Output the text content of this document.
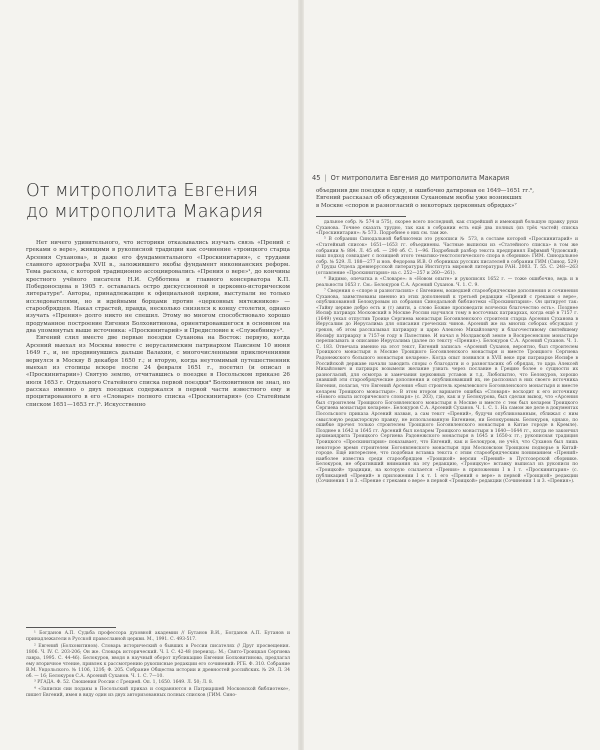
От митрополита Евгения
до митрополита Макария

Нет ничего удивительного, что историки отказывались изучать связь «Прений с греками о вере», живщими в рукописной традиции как сочинение «троицкого старца Арсения Суханова», и даже его фундаментального «Проскинитария», с трудами славного археографа XVII в., заложившего якобы фундамент никонианских реформ. Тема раскола, с которой традиционно ассоциировались «Прения о вере»¹, до кончины крестного учёного писателя Н.И. Субботина и главного консерватора К.П. Победоносцева в 1905 г. оставалась остро дискуссионной в церковно-историческом литературе². Авторы, принадлежащие к официальной церкви, выступали не только исследователями, но и идейными борцами против «церковных мятежников» — старообрядцев. Накал страстей, правда, несколько снизился к концу столетия, однако изучать «Прения» долго никто не спешил. Этому во многом способствовало хорошо продуманное построение Евгения Болховитинова, ориентировавшегося в основном на два упомянутых выше источника: «Проскинитарий» и Предисловие к «Служебнику»³.

Евгений слил вместе две первые поездки Суханова на Восток: первую, когда Арсений выехал из Москвы вместе с иерусалимским патриархом Паисием 10 июня 1649 г., и, не продвинувшись дальше Валахии, с многочисленными приключениями вернулся в Москву 8 декабря 1650 г.; и вторую, когда неутомимый путешественник выехал из столицы вскоре после 24 февраля 1651 г., посетил (и описал в «Проскинитарии») Святую землю, отчитавшись о поездке в Посольском приказе 26 июля 1653 г. Отдельного Статейного списка первой поездки⁴ Болховитинов не знал, но рассказ именно о двух поездках содержался в первой части известного ему и процитированного в его «Словаре» полного списка «Проскинитария» (со Статейным списком 1651—1653 гг.)⁵. Искусственно

¹ Богданов А.П. Судьба профессора духовной академии // Бутанов В.И., Богданов А.П. Бутанов и принадлежатели в Русской православной церкви. М., 1991. С. 493-517.

² Евгений (Болховитинов). Словарь исторический о бывших в России писателях // Друг просвещения. 1806. Ч. IV. С. 203-206; Он же. Словарь исторический. Ч. I. С. 42-48 (переизд.: М.; Свято-Троицкая Сергиева лавра, 1995. С. 44-46). Белокуров, вводя в научный оборот публикацию Евгения Болховитинова, предлагал ему вторичное чтение, привлек к рассмотрению рукописные редакции его сочинений: РГБ. Ф. 310. Собрание В.М. Ундольского. № 1106, 121б; Ф. 205. Собрание Общества истории и древностей российских. № 29. Л. 34 об. — 16; Белокуров С.А. Арсений Суханов. Ч. 1. С. 7—10.

³ РГАДА. Ф. 52. Сношения России с Грецией. Оп. 1, 1650. 1649. Л. 50; Л. 8.

⁴ «Записки сии поданы в Посольский приказ и сохраняются в Патриаршей Московской библиотеке», пишет Евгений, имея в виду один из двух авторизованных полных списков (ГИМ. Сино-

45 | От митрополита Евгения до митрополита Макария

объединив две поездки в одну, и ошибочно датировав ее 1649—1651 гг.⁶,

Евгений рассказал об обсуждении Сухановым якобы уже возникших

в Москве «споров и разногласий о некоторых церковных обрядах»⁷

дальное собр. № 574 и 575), скорее всего последний, как старейший и имеющий большую правку руки Суханова. Точнее сказать трудно, так как в собрании есть ещё два полных (из трёх частей) списка «Проскинитария»: № 573. Подробнее о них см. там же.

⁵ В собрании Синодальной библиотеки это рукописи № 573, в составе которой «Проскинитарий» и «Статейный список» 1651—1653 гг. объединены. Частные выписки из «Статейного списка» в том же собрании № 884. Л. 45 об. — 290 об. С. 1—96. Подробный разбор текста предпринял Евфимий Чудовский; наш подход совпадает с позицией этого тематико-текстологического спора в сборнике: ГИМ. Синодальное собр. № 529. Л. 188—277 и нов. Федорова И.В. О сборниках русских писателей в собрании ГИМ (Синод. 529) // Труды Отдела древнерусской литературы Института мировой литературы РАН. 2003. Т. 55. С. 248—263 (оглавление «Проскинитария» на с. 252—257 и 260—261).

⁶ Видимо, опечатка в «Словаре»: в «Новом опыте» и рукописях 1652 г. — тоже ошибочно, ведь и в реальности 1653 г. См.: Белокуров С.А. Арсений Суханов. Ч. 1. С. 9.

⁷ Сведения о «споре и разногласиях» с Евгением, вошедшей старообрядческие дополнения и сочинения Суханова, заимствованы именно из этих дополнений к третьей редакции «Прений с греками о вере», опубликованной Белокуровым из собрания Синодальной библиотеки «Проскинитария». Он цитирует так: «Тайну церкве добро есть и (т) авити, а слово Божие проповедати всячески благочестно есть». Позднее Иосиф патриарх Московский в Москве России научился тому в восточных патриархах, когда ещё в 7157 г. (1649) уехал отпустив Троице Сергиева монастыря Богоявленского строителя старца Арсения Суханова в Иерусалим до Иерусалима для описания греческих чинов. Арсений же на многих соборах обсуждал у греков, об этом рассказывал патриарху и царю Алексею Михайловичу и благочестивому святейшему Иосифу патриарху в 7157-м году в Палестине. И начал в Молдавской земле в Воскресенском монастыре переписывать и описание Иерусалима (далее по тексту «Прения»). Белокуров С.А. Арсений Суханов. Ч. 1. С. 183. Отвечала именно на этот текст, Евгений записал: «Арсений Суханов, вероятно, был строителем Троицкого монастыря в Москве Троицкого Богоявленского монастыря и вместе Троицкого Сергиева Радонежского большого монастыря келарем». Когда опыт появился в XVII веке при патриархе Иосифе в Российской державе начали заводить споры о благодати и о разногласиях об обрядах, то царь Алексей Михайлович и патриарх возымели желание узнать через послание в Грецию более о сущности их разногласий, для осмотра и замечания церковных уставов и т.д. Любопытно, что Белокуров, хорошо знавший эти старообрядческие дополнения и опубликовавший их, не распознал в них своего источника Евгения, полагая, что Евгений Арсения «был строитель кремлевского Богоявленского монастыря и вместе келарем Троицкого монастыря». В этом втором варианте ошибка «Словаря» восходит к его источнику «Нового опыта исторического словаря» (с. 203), где, как и у Белокурова, был сделан вывод, что «Арсения был строителем Троицкого Богоявленского монастыря в Москве и вместе с тем был келарем Троицкого Сергиева монастыря келарем». Белокуров С.А. Арсений Суханов. Ч. 1. С. 1. На самом же деле в документах Посольского приказа Арсений назван, а сам текст «Прений», будучи опубликованным, сближал с ним смысловую редакторскую правку, не использованную Евгением, ни Белокуровым. Белокуров, однако, по ошибке прочел только строителем Троицкого Богоявленского монастыря в Китае городе в Кремле). Позднее в 1642 и 1645 гг. Арсений был келарем Троицкого монастыря в 1640—1644 гг., когда не закончил архимандрита Троицкого Сергиева Радонежского монастыря в 1645 и 1650-х гг.; рукописная традиция Троицкого «Проскинитария» показывает, что Евгений, как и Белокуров, не учёл, что Суханов был лишь некоторое время строителем Богоявленского монастыря при Московском Троицком подворье в Китай-городе. Ещё интереснее, что подобная вставка текста с этим старообрядческим пониманием «Прений» наиболее известна среди старообрядцев «Троицкой» версии «Прений» в Пустозерской сборнике. Белокуров, не обративший внимания на эту редакцию, «Троицкую» вставку выписал из рукописи по «Троицкой» традиции, на которую ссылается «Прения» в приложении I в I т. «Проскинитария» (с. публикацией «Прений» в приложении I к т. 1 его «Прений о вере» в первой «Троицкой» редакции (Сочинения 1 и 3. «Прение с греками о вере» в первой «Троицкой» редакции (Сочинения 1 и 3. «Прения»).
